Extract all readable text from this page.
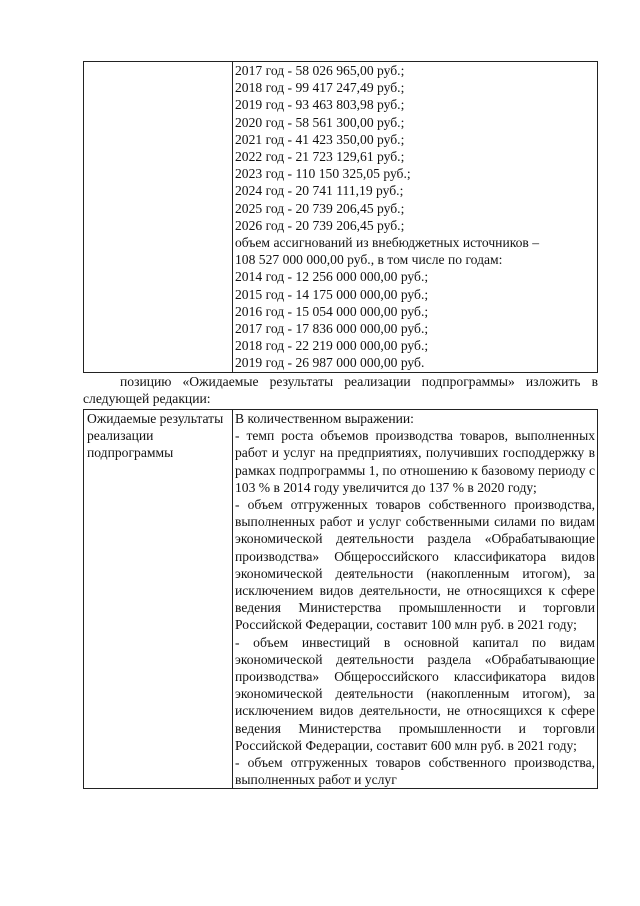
2017 год - 58 026 965,00 руб.;
2018 год - 99 417 247,49 руб.;
2019 год - 93 463 803,98 руб.;
2020 год - 58 561 300,00 руб.;
2021 год - 41 423 350,00 руб.;
2022 год - 21 723 129,61 руб.;
2023 год - 110 150 325,05 руб.;
2024 год - 20 741 111,19 руб.;
2025 год - 20 739 206,45 руб.;
2026 год - 20 739 206,45 руб.;
объем ассигнований из внебюджетных источников –
108 527 000 000,00 руб., в том числе по годам:
2014 год - 12 256 000 000,00 руб.;
2015 год - 14 175 000 000,00 руб.;
2016 год - 15 054 000 000,00 руб.;
2017 год - 17 836 000 000,00 руб.;
2018 год - 22 219 000 000,00 руб.;
2019 год - 26 987 000 000,00 руб.
позицию «Ожидаемые результаты реализации подпрограммы» изложить в следующей редакции:
Ожидаемые результаты реализации подпрограммы	
В количественном выражении:
- темп роста объемов производства товаров, выполненных работ и услуг на предприятиях, получивших господдержку в рамках подпрограммы 1, по отношению к базовому периоду с 103 % в 2014 году увеличится до 137 % в 2020 году;
- объем отгруженных товаров собственного производства, выполненных работ и услуг собственными силами по видам экономической деятельности раздела «Обрабатывающие производства» Общероссийского классификатора видов экономической деятельности (накопленным итогом), за исключением видов деятельности, не относящихся к сфере ведения Министерства промышленности и торговли Российской Федерации, составит 100 млн руб. в 2021 году;
- объем инвестиций в основной капитал по видам экономической деятельности раздела «Обрабатывающие производства» Общероссийского классификатора видов экономической деятельности (накопленным итогом), за исключением видов деятельности, не относящихся к сфере ведения Министерства промышленности и торговли Российской Федерации, составит 600 млн руб. в 2021 году;
- объем отгруженных товаров собственного производства, выполненных работ и услуг
